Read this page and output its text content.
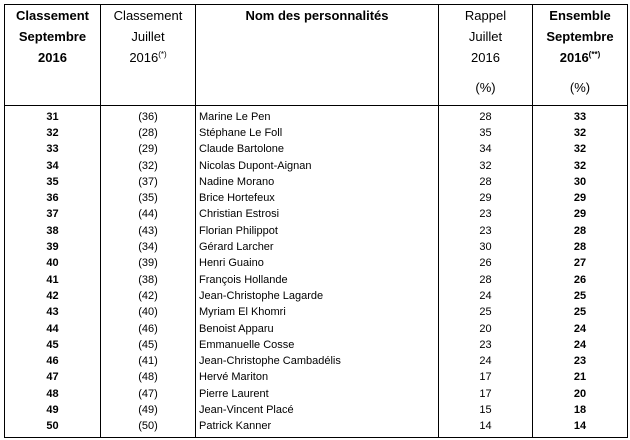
Classement
Septembre
2016	Classement
Juillet
2016(*)	Nom des personnalités	Rappel
Juillet
2016
(%)	Ensemble
Septembre
2016(**)
(%)

31	(36)	Marine Le Pen	28	33
32	(28)	Stéphane Le Foll	35	32
33	(29)	Claude Bartolone	34	32
34	(32)	Nicolas Dupont-Aignan	32	32
35	(37)	Nadine Morano	28	30
36	(35)	Brice Hortefeux	29	29
37	(44)	Christian Estrosi	23	29
38	(43)	Florian Philippot	23	28
39	(34)	Gérard Larcher	30	28
40	(39)	Henri Guaino	26	27
41	(38)	François Hollande	28	26
42	(42)	Jean-Christophe Lagarde	24	25
43	(40)	Myriam El Khomri	25	25
44	(46)	Benoist Apparu	20	24
45	(45)	Emmanuelle Cosse	23	24
46	(41)	Jean-Christophe Cambadélis	24	23
47	(48)	Hervé Mariton	17	21
48	(47)	Pierre Laurent	17	20
49	(49)	Jean-Vincent Placé	15	18
50	(50)	Patrick Kanner	14	14
